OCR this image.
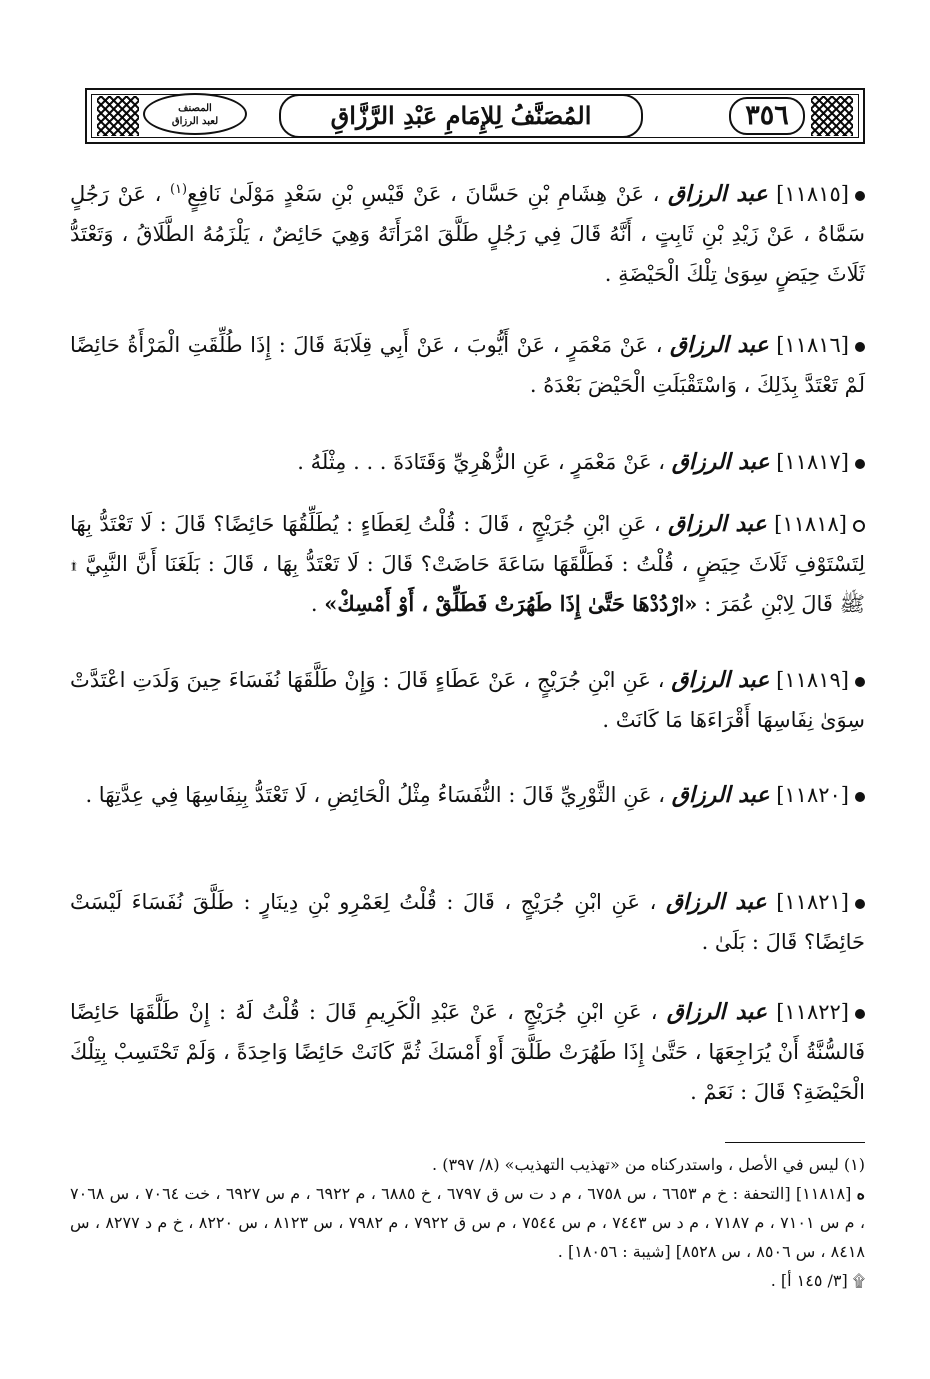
٣٥٦
المُصَنَّفُ لِلإِمَامِ عَبْدِ الرَّزَّاقِ
المصنف
لعبد الرزاق
[١١٨١٥] عبد الرزاق ، عَنْ هِشَامِ بْنِ حَسَّانَ ، عَنْ قَيْسِ بْنِ سَعْدٍ مَوْلَىٰ نَافِعٍ$^{(١)}$ ، عَنْ رَجُلٍ سَمَّاهُ ، عَنْ زَيْدِ بْنِ ثَابِتٍ ، أَنَّهُ قَالَ فِي رَجُلٍ طَلَّقَ امْرَأَتَهُ وَهِيَ حَائِضٌ ، يَلْزَمُهُ الطَّلَاقُ ، وَتَعْتَدُّ ثَلَاثَ حِيَضٍ سِوَىٰ تِلْكَ الْحَيْضَةِ .
[١١٨١٦] عبد الرزاق ، عَنْ مَعْمَرٍ ، عَنْ أَيُّوبَ ، عَنْ أَبِي قِلَابَةَ قَالَ : إِذَا طُلِّقَتِ الْمَرْأَةُ حَائِضًا لَمْ تَعْتَدَّ بِذَلِكَ ، وَاسْتَقْبَلَتِ الْحَيْضَ بَعْدَهُ .
[١١٨١٧] عبد الرزاق ، عَنْ مَعْمَرٍ ، عَنِ الزُّهْرِيِّ وَقَتَادَةَ . . . مِثْلَهُ .
[١١٨١٨] عبد الرزاق ، عَنِ ابْنِ جُرَيْجٍ ، قَالَ : قُلْتُ لِعَطَاءٍ : يُطَلِّقُهَا حَائِضًا؟ قَالَ : لَا تَعْتَدُّ بِهَا لِتَسْتَوْفِ ثَلَاثَ حِيَضٍ ، قُلْتُ : فَطَلَّقَهَا سَاعَةَ حَاضَتْ؟ قَالَ : لَا تَعْتَدُّ بِهَا ، قَالَ : بَلَغَنَا أَنَّ النَّبِيَّ ۩ ﷺ قَالَ لِابْنِ عُمَرَ : «ارْدُدْهَا حَتَّىٰ إِذَا طَهُرَتْ فَطَلِّقْ ، أَوْ أَمْسِكْ» .
[١١٨١٩] عبد الرزاق ، عَنِ ابْنِ جُرَيْجٍ ، عَنْ عَطَاءٍ قَالَ : وَإِنْ طَلَّقَهَا نُفَسَاءَ حِينَ وَلَدَتِ اعْتَدَّتْ سِوَىٰ نِفَاسِهَا أَقْرَاءَهَا مَا كَانَتْ .
[١١٨٢٠] عبد الرزاق ، عَنِ الثَّوْرِيِّ قَالَ : النُّفَسَاءُ مِثْلُ الْحَائِضِ ، لَا تَعْتَدُّ بِنِفَاسِهَا فِي عِدَّتِهَا .
[١١٨٢١] عبد الرزاق ، عَنِ ابْنِ جُرَيْجٍ ، قَالَ : قُلْتُ لِعَمْرِو بْنِ دِينَارٍ : طَلَّقَ نُفَسَاءَ لَيْسَتْ حَائِضًا؟ قَالَ : بَلَىٰ .
[١١٨٢٢] عبد الرزاق ، عَنِ ابْنِ جُرَيْجٍ ، عَنْ عَبْدِ الْكَرِيمِ قَالَ : قُلْتُ لَهُ : إِنْ طَلَّقَهَا حَائِضًا فَالسُّنَّةُ أَنْ يُرَاجِعَهَا ، حَتَّىٰ إِذَا طَهُرَتْ طَلَّقَ أَوْ أَمْسَكَ ثُمَّ كَانَتْ حَائِضًا وَاحِدَةً ، وَلَمْ تَحْتَسِبْ بِتِلْكَ الْحَيْضَةِ؟ قَالَ : نَعَمْ .

(١) ليس في الأصل ، واستدركناه من «تهذيب التهذيب» (٨/ ٣٩٧) .

ه [١١٨١٨] [التحفة : خ م ٦٦٥٣ ، س ٦٧٥٨ ، م د ت س ق ٦٧٩٧ ، خ ٦٨٨٥ ، م ٦٩٢٢ ، م س ٦٩٢٧ ، خت ٧٠٦٤ ، س ٧٠٦٨ ، م س ٧١٠١ ، م ٧١٨٧ ، م د س ٧٤٤٣ ، م س ٧٥٤٤ ، م س ق ٧٩٢٢ ، م ٧٩٨٢ ، س ٨١٢٣ ، س ٨٢٢٠ ، خ م د ٨٢٧٧ ، س ٨٤١٨ ، س ٨٥٠٦ ، س ٨٥٢٨] [شيبة : ١٨٠٥٦] .

۩ [٣/ ١٤٥ أ] .
